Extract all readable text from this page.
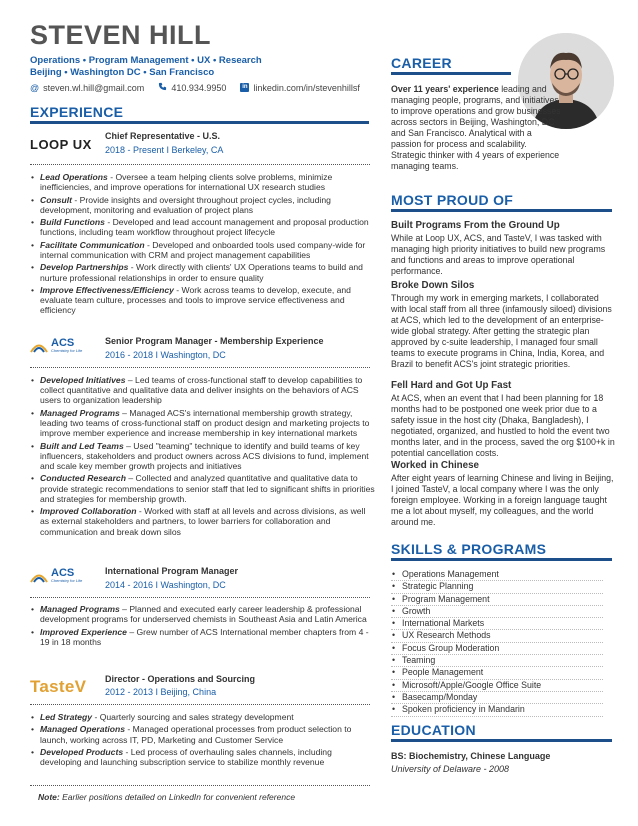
STEVEN HILL
Operations • Program Management • UX • Research
Beijing • Washington DC • San Francisco
@ steven.wl.hill@gmail.com	410.934.9950	in linkedin.com/in/stevenhillsf
EXPERIENCE
LOOP UX
Chief Representative - U.S.
2018 - Present I Berkeley, CA
• Lead Operations - Oversee a team helping clients solve problems, minimize inefficiencies, and improve operations for international UX research studies
• Consult - Provide insights and oversight throughout project cycles, including development, monitoring and evaluation of project plans
• Build Functions - Developed and lead account management and proposal production functions, including team workflow throughout project lifecycle
• Facilitate Communication - Developed and onboarded tools used company-wide for internal communication with CRM and project management capabilities
• Develop Partnerships - Work directly with clients' UX Operations teams to build and nurture professional relationships in order to ensure quality
• Improve Effectiveness/Efficiency - Work across teams to develop, execute, and evaluate team culture, processes and tools to improve service effectiveness and efficiency
ACS
Chemistry for Life
Senior Program Manager - Membership Experience
2016 - 2018 I Washington, DC
• Developed Initiatives – Led teams of cross-functional staff to develop capabilities to collect quantitative and qualitative data and deliver insights on the behaviors of ACS users to organization leadership
• Managed Programs – Managed ACS's international membership growth strategy, leading two teams of cross-functional staff on product design and marketing projects to improve member experience and increase membership in key international markets
• Built and Led Teams – Used "teaming" technique to identify and build teams of key influencers, stakeholders and product owners across ACS divisions to fund, implement and scale key member growth projects and initiatives
• Conducted Research – Collected and analyzed quantitative and qualitative data to provide strategic recommendations to senior staff that led to significant shifts in priorities and strategies for membership growth.
• Improved Collaboration - Worked with staff at all levels and across divisions, as well as external stakeholders and partners, to lower barriers for collaboration and communication and break down silos
ACS
Chemistry for Life
International Program Manager
2014 - 2016 I Washington, DC
• Managed Programs – Planned and executed early career leadership & professional development programs for underserved chemists in Southeast Asia and Latin America
• Improved Experience – Grew number of ACS International member chapters from 4 - 19 in 18 months
TasteV Director - Operations and Sourcing
2012 - 2013 I Beijing, China
• Led Strategy - Quarterly sourcing and sales strategy development
• Managed Operations - Managed operational processes from product selection to launch, working across IT, PD, Marketing and Customer Service
• Developed Products - Led process of overhauling sales channels, including developing and launching subscription service to stabilize monthly revenue
Note: Earlier positions detailed on LinkedIn for convenient reference
CAREER
Over 11 years' experience leading and managing people, programs, and initiatives to improve operations and grow businesses across sectors in Beijing, Washington, DC and San Francisco. Analytical with a passion for process and scalability. Strategic thinker with 4 years of experience managing teams.
MOST PROUD OF
Built Programs From the Ground Up
While at Loop UX, ACS, and TasteV, I was tasked with managing high priority initiatives to build new programs and functions and areas to improve operational performance.
Broke Down Silos
Through my work in emerging markets, I collaborated with local staff from all three (infamously siloed) divisions at ACS, which led to the development of an enterprise-wide global strategy. After getting the strategic plan approved by c-suite leadership, I managed four small teams to execute programs in China, India, Korea, and Brazil to benefit ACS's joint strategic priorities.
Fell Hard and Got Up Fast
At ACS, when an event that I had been planning for 18 months had to be postponed one week prior due to a safety issue in the host city (Dhaka, Bangladesh), I negotiated, organized, and hustled to hold the event two months later, and in the process, saved the org $100+k in potential cancellation costs.
Worked in Chinese
After eight years of learning Chinese and living in Beijing, I joined TasteV, a local company where I was the only foreign employee. Working in a foreign language taught me a lot about myself, my colleagues, and the world around me.
SKILLS & PROGRAMS
• Operations Management
• Strategic Planning
• Program Management
• Growth
• International Markets
• UX Research Methods
• Focus Group Moderation
• Teaming
• People Management
• Microsoft/Apple/Google Office Suite
• Basecamp/Monday
• Spoken proficiency in Mandarin
EDUCATION
BS: Biochemistry, Chinese Language
University of Delaware - 2008
